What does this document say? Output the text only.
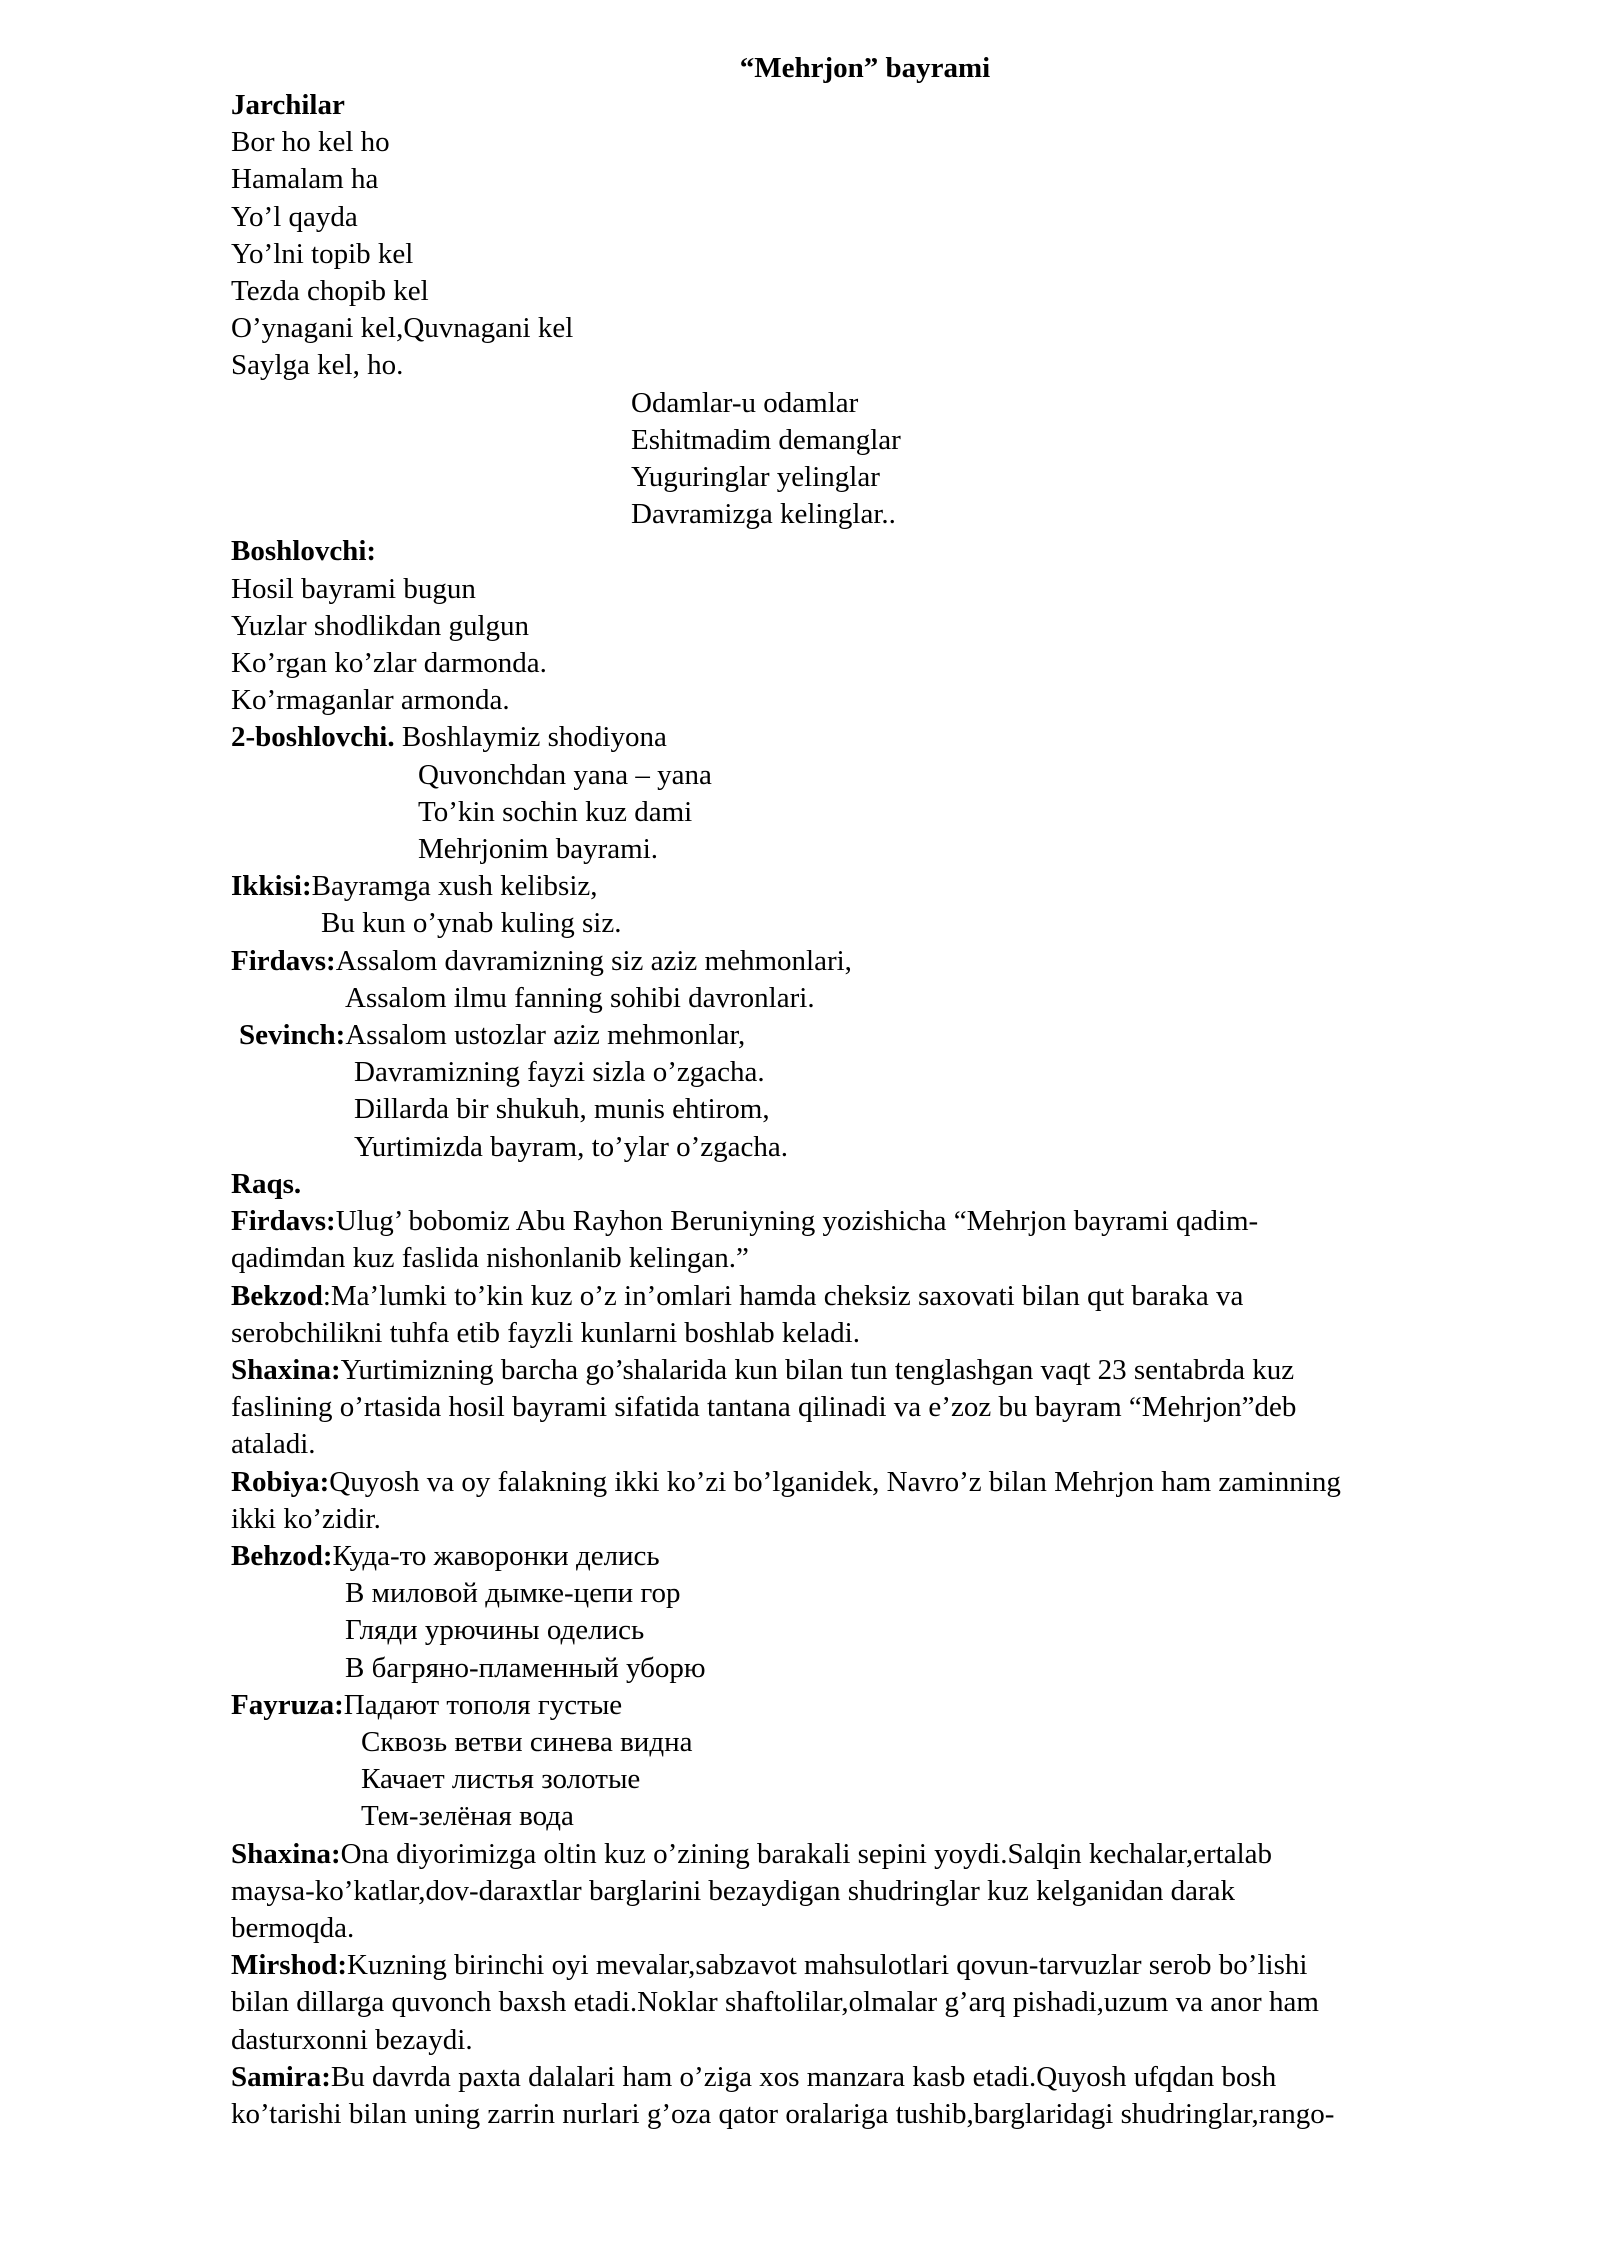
“Mehrjon” bayrami

Jarchilar

Bor ho kel ho

Hamalam ha

Yo’l qayda

Yo’lni topib kel

Tezda chopib kel

O’ynagani kel,Quvnagani kel

Saylga kel, ho.

Odamlar-u odamlar

Eshitmadim demanglar

Yuguringlar yelinglar

Davramizga kelinglar..

Boshlovchi:

Hosil bayrami bugun

Yuzlar shodlikdan gulgun

Ko’rgan ko’zlar darmonda.

Ko’rmaganlar armonda.

2-boshlovchi. Boshlaymiz shodiyona

Quvonchdan yana – yana

To’kin sochin kuz dami

Mehrjonim bayrami.

Ikkisi:Bayramga xush kelibsiz,

Bu kun o’ynab kuling siz.

Firdavs:Assalom davramizning siz aziz mehmonlari,

Assalom ilmu fanning sohibi davronlari.

Sevinch:Assalom ustozlar aziz mehmonlar,

Davramizning fayzi sizla o’zgacha.

Dillarda bir shukuh, munis ehtirom,

Yurtimizda bayram, to’ylar o’zgacha.

Raqs.

Firdavs:Ulug’ bobomiz Abu Rayhon Beruniyning yozishicha “Mehrjon bayrami qadim-

qadimdan kuz faslida nishonlanib kelingan.”

Bekzod:Ma’lumki to’kin kuz o’z in’omlari hamda cheksiz saxovati bilan qut baraka va

serobchilikni tuhfa etib fayzli kunlarni boshlab keladi.

Shaxina:Yurtimizning barcha go’shalarida kun bilan tun tenglashgan vaqt 23 sentabrda kuz

faslining o’rtasida hosil bayrami sifatida tantana qilinadi va e’zoz bu bayram “Mehrjon”deb

ataladi.

Robiya:Quyosh va oy falakning ikki ko’zi bo’lganidek, Navro’z bilan Mehrjon ham zaminning

ikki ko’zidir.

Behzod:Куда-то жаворонки делись

В миловой дымке-цепи гор

Гляди урючины оделись

В багряно-пламенный уборю

Fayruza:Падают тополя густые

Сквозь ветви синева видна

Качает листья золотые

Тем-зелёная вода

Shaxina:Ona diyorimizga oltin kuz o’zining barakali sepini yoydi.Salqin kechalar,ertalab

maysa-ko’katlar,dov-daraxtlar barglarini bezaydigan shudringlar kuz kelganidan darak

bermoqda.

Mirshod:Kuzning birinchi oyi mevalar,sabzavot mahsulotlari qovun-tarvuzlar serob bo’lishi

bilan dillarga quvonch baxsh etadi.Noklar shaftolilar,olmalar g’arq pishadi,uzum va anor ham

dasturxonni bezaydi.

Samira:Bu davrda paxta dalalari ham o’ziga xos manzara kasb etadi.Quyosh ufqdan bosh

ko’tarishi bilan uning zarrin nurlari g’oza qator oralariga tushib,barglaridagi shudringlar,rango-
